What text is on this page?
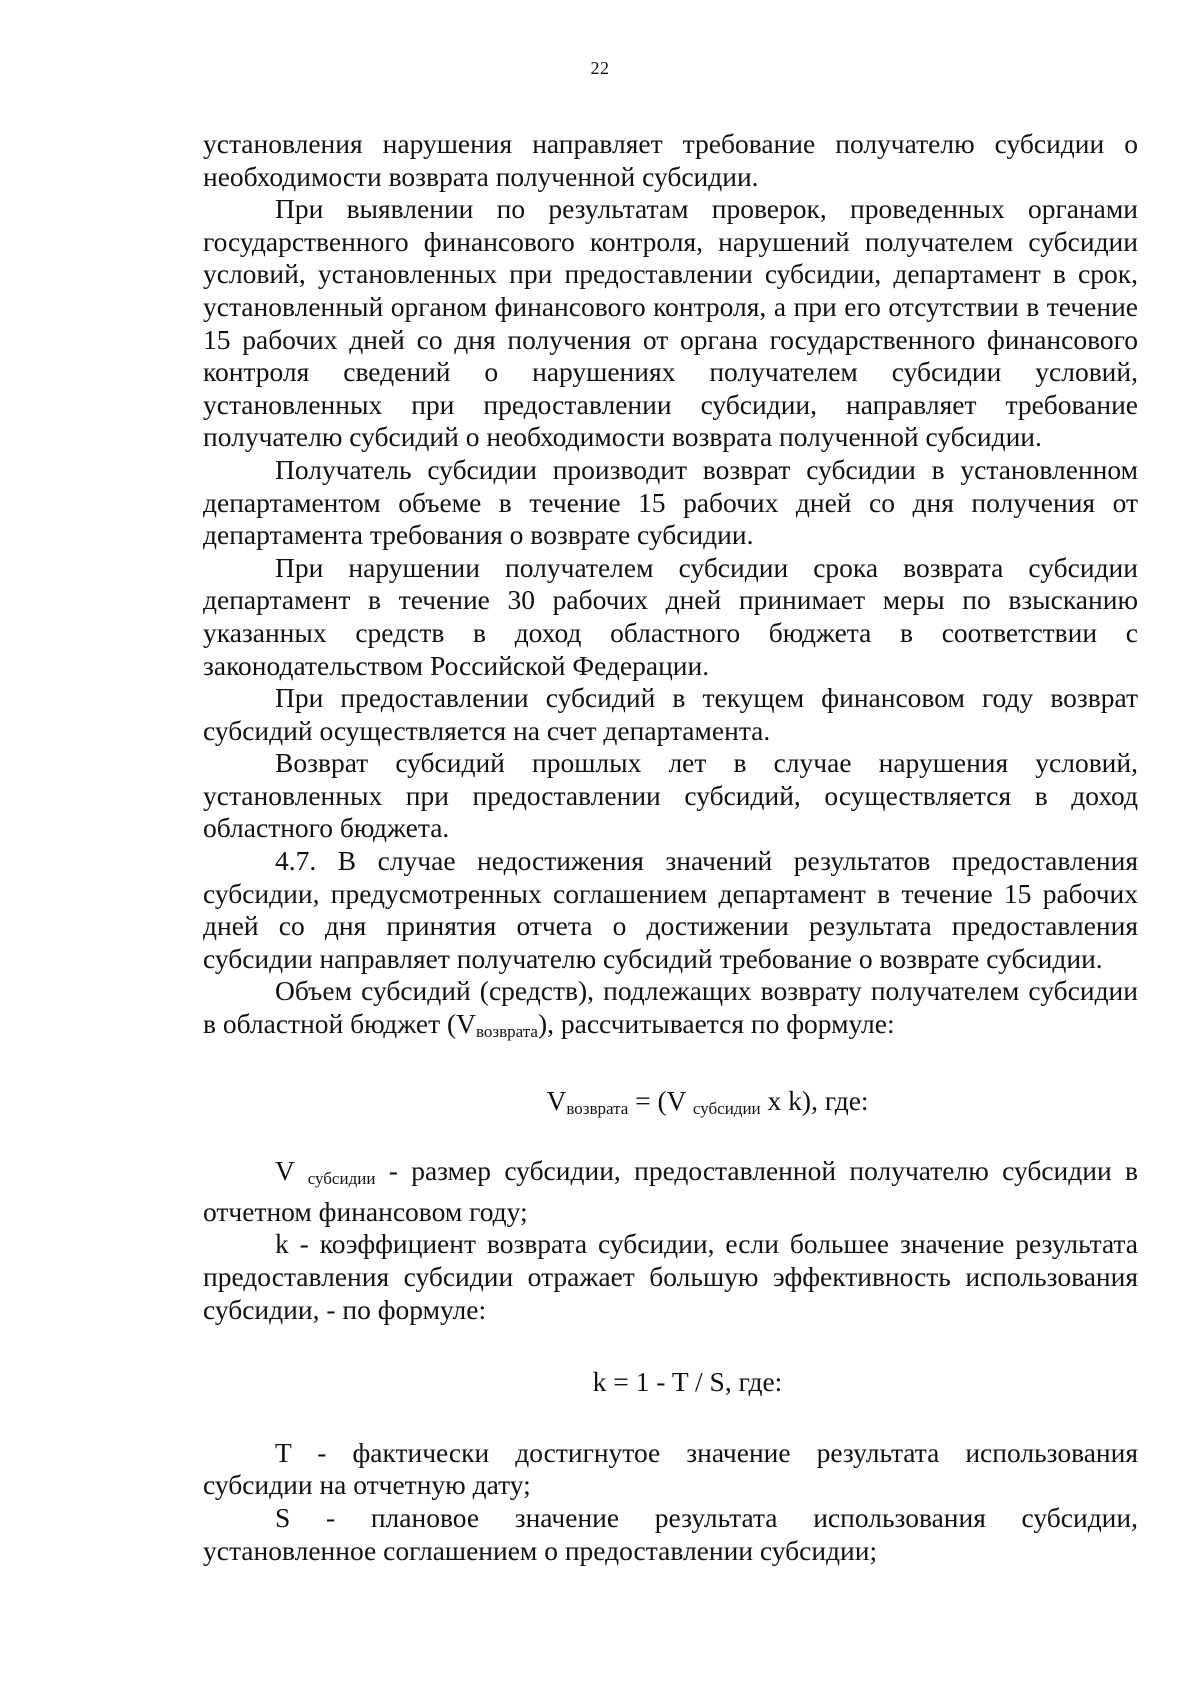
22

установления нарушения направляет требование получателю субсидии о необходимости возврата полученной субсидии.

При выявлении по результатам проверок, проведенных органами государственного финансового контроля, нарушений получателем субсидии условий, установленных при предоставлении субсидии, департамент в срок, установленный органом финансового контроля, а при его отсутствии в течение 15 рабочих дней со дня получения от органа государственного финансового контроля сведений о нарушениях получателем субсидии условий, установленных при предоставлении субсидии, направляет требование получателю субсидий о необходимости возврата полученной субсидии.

Получатель субсидии производит возврат субсидии в установленном департаментом объеме в течение 15 рабочих дней со дня получения от департамента требования о возврате субсидии.

При нарушении получателем субсидии срока возврата субсидии департамент в течение 30 рабочих дней принимает меры по взысканию указанных средств в доход областного бюджета в соответствии с законодательством Российской Федерации.

При предоставлении субсидий в текущем финансовом году возврат субсидий осуществляется на счет департамента.

Возврат субсидий прошлых лет в случае нарушения условий, установленных при предоставлении субсидий, осуществляется в доход областного бюджета.

4.7. В случае недостижения значений результатов предоставления субсидии, предусмотренных соглашением департамент в течение 15 рабочих дней со дня принятия отчета о достижении результата предоставления субсидии направляет получателю субсидий требование о возврате субсидии.

Объем субсидий (средств), подлежащих возврату получателем субсидии в областной бюджет $(V_{возврата})$, рассчитывается по формуле:

$V_{возврата} = (V$ $_{субсидии}$ x k), где:

V $_{субсидии}$ - размер субсидии, предоставленной получателю субсидии в отчетном финансовом году;

k - коэффициент возврата субсидии, если большее значение результата предоставления субсидии отражает большую эффективность использования субсидии, - по формуле:

k = 1 - T / S, где:

T - фактически достигнутое значение результата использования субсидии на отчетную дату;

S - плановое значение результата использования субсидии, установленное соглашением о предоставлении субсидии;
